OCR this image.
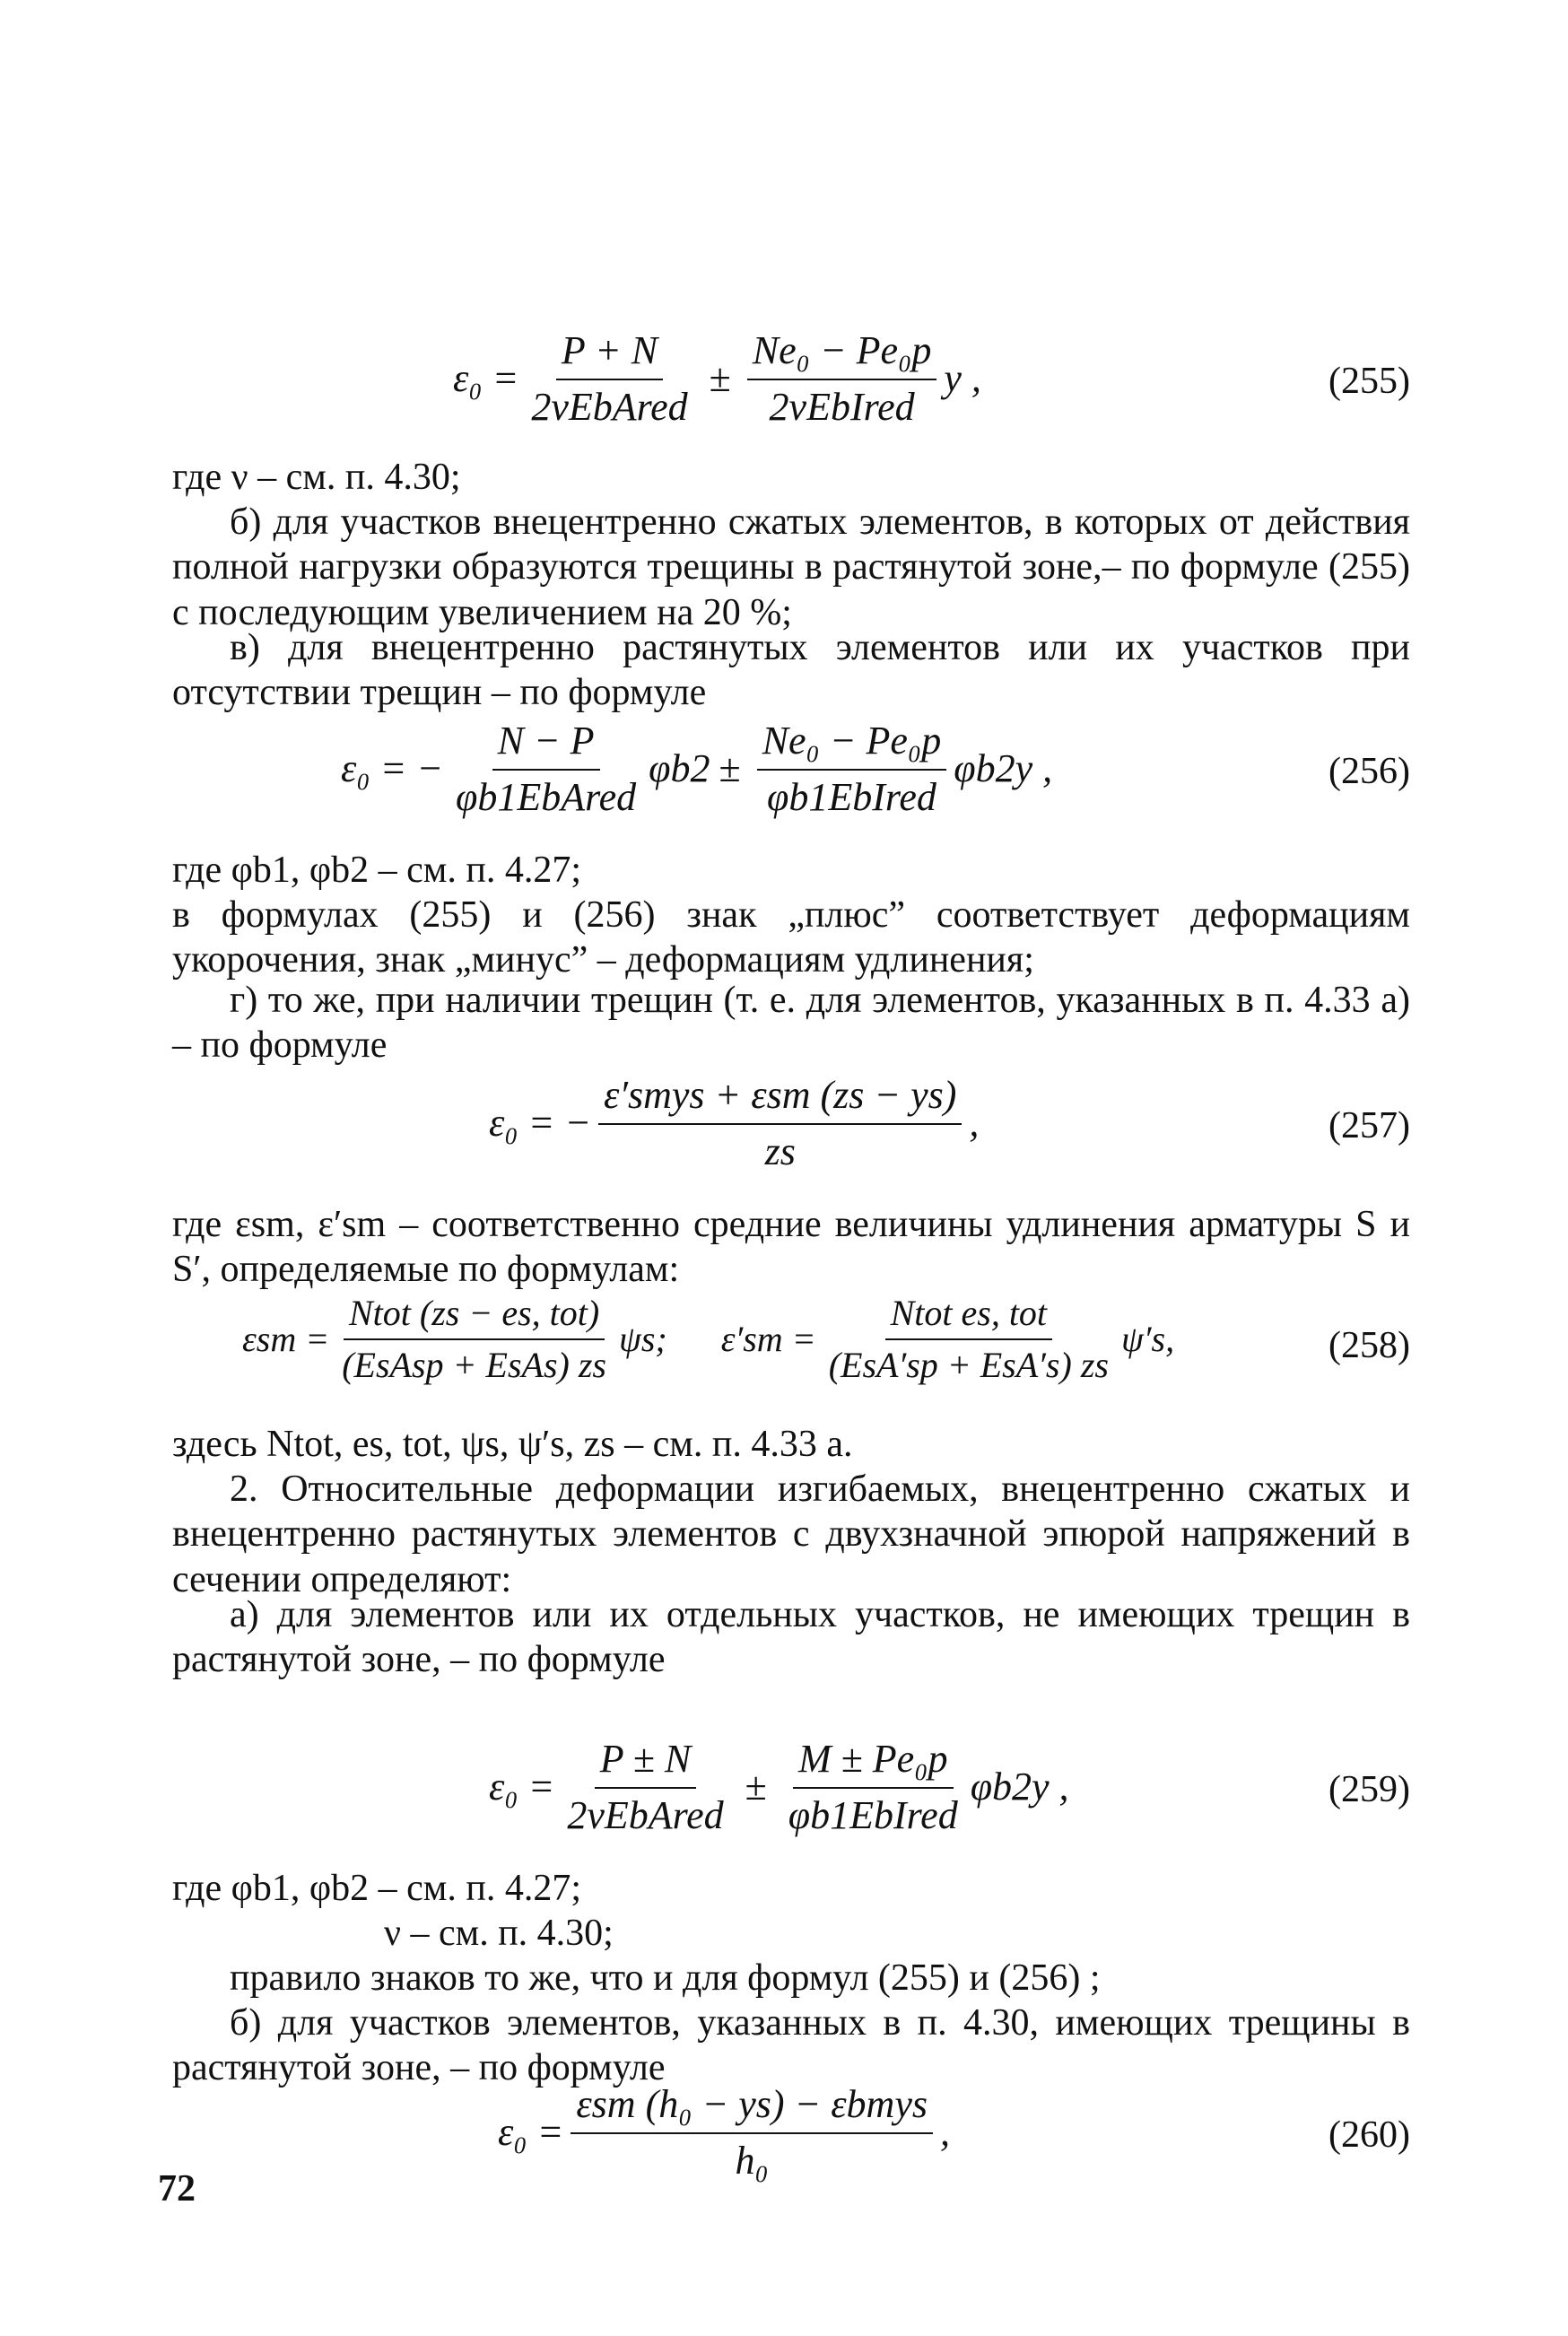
$\varepsilon_0 = \frac{P + N}{\text{2νEbAred}} \pm \frac{\text{Ne₀ − Pe₀p}}{\text{2νEbIred}}$ y ,	(255)
где ν – см. п. 4.30;
б) для участков внецентренно сжатых элементов, в которых от действия полной нагрузки образуются трещины в растянутой зоне,– по формуле (255) с последующим увеличением на 20 %;
в) для внецентренно растянутых элементов или их участков при отсутствии трещин – по формуле
ε₀ = − $\frac{N - P}{\text{φb1EbAred}} \varphi b2 \pm \frac{\text{Ne₀ − Pe₀p}}{\text{φb1EbIred}} \varphi b2y$ ,	(256)
где φb1, φb2 – см. п. 4.27;
в формулах (255) и (256) знак „плюс” соответствует деформациям укорочения, знак „минус” – деформациям удлинения;
г) то же, при наличии трещин (т. е. для элементов, указанных в п. 4.33 а) – по формуле
ε₀ = − $\frac{\text{ε′smys + εsm (zs − ys)}}{zs}$ ,	(257)
где εsm, ε′sm – соответственно средние величины удлинения арматуры S и S′, определяемые по формулам:
$\varepsilon sm = \frac{\text{Ntot (zs − es, tot)}}{\text{(EsAsp + EsAs) zs}} \psi s$; $\varepsilon'sm = \frac{\text{Ntot es, tot}}{\text{(EsA′sp + EsA′s) zs}} \psi's$,	(258)
здесь Ntot, es, tot, ψs, ψ′s, zs – см. п. 4.33 а.
2. Относительные деформации изгибаемых, внецентренно сжатых и внецентренно растянутых элементов с двухзначной эпюрой напряжений в сечении определяют:
а) для элементов или их отдельных участков, не имеющих трещин в растянутой зоне, – по формуле
$\varepsilon_0 = \frac{P \pm N}{\text{2νEbAred}} \pm \frac{\text{M ± Pe₀p}}{\text{φb1EbIred}} \varphi b2y$ ,	(259)
где φb1, φb2 – см. п. 4.27;
ν – см. п. 4.30;
правило знаков то же, что и для формул (255) и (256) ;
б) для участков элементов, указанных в п. 4.30, имеющих трещины в растянутой зоне, – по формуле
$\varepsilon_0 = \frac{\text{εsm (h₀ − ys) − εbmys}}{\text{h₀}}$ ,	(260)
72
